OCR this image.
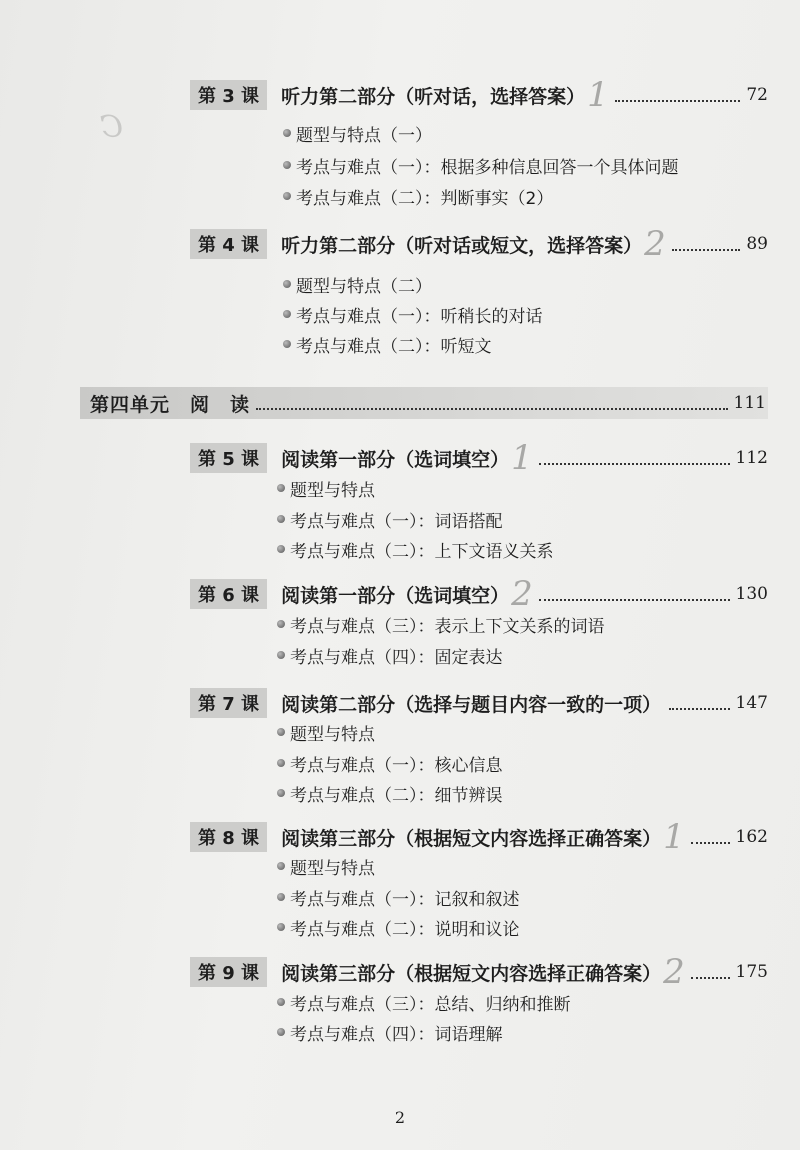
C
第 3 课	听力第二部分（听对话，选择答案） 1	72
题型与特点（一）
考点与难点（一）：根据多种信息回答一个具体问题
考点与难点（二）：判断事实（2）
第 4 课	听力第二部分（听对话或短文，选择答案） 2	89
题型与特点（二）
考点与难点（一）：听稍长的对话
考点与难点（二）：听短文
第四单元　阅　读	111
第 5 课	阅读第一部分（选词填空） 1	112
题型与特点
考点与难点（一）：词语搭配
考点与难点（二）：上下文语义关系
第 6 课	阅读第一部分（选词填空） 2	130
考点与难点（三）：表示上下文关系的词语
考点与难点（四）：固定表达
第 7 课	阅读第二部分（选择与题目内容一致的一项）	147
题型与特点
考点与难点（一）：核心信息
考点与难点（二）：细节辨误
第 8 课	阅读第三部分（根据短文内容选择正确答案） 1	162
题型与特点
考点与难点（一）：记叙和叙述
考点与难点（二）：说明和议论
第 9 课	阅读第三部分（根据短文内容选择正确答案） 2	175
考点与难点（三）：总结、归纳和推断
考点与难点（四）：词语理解
2
